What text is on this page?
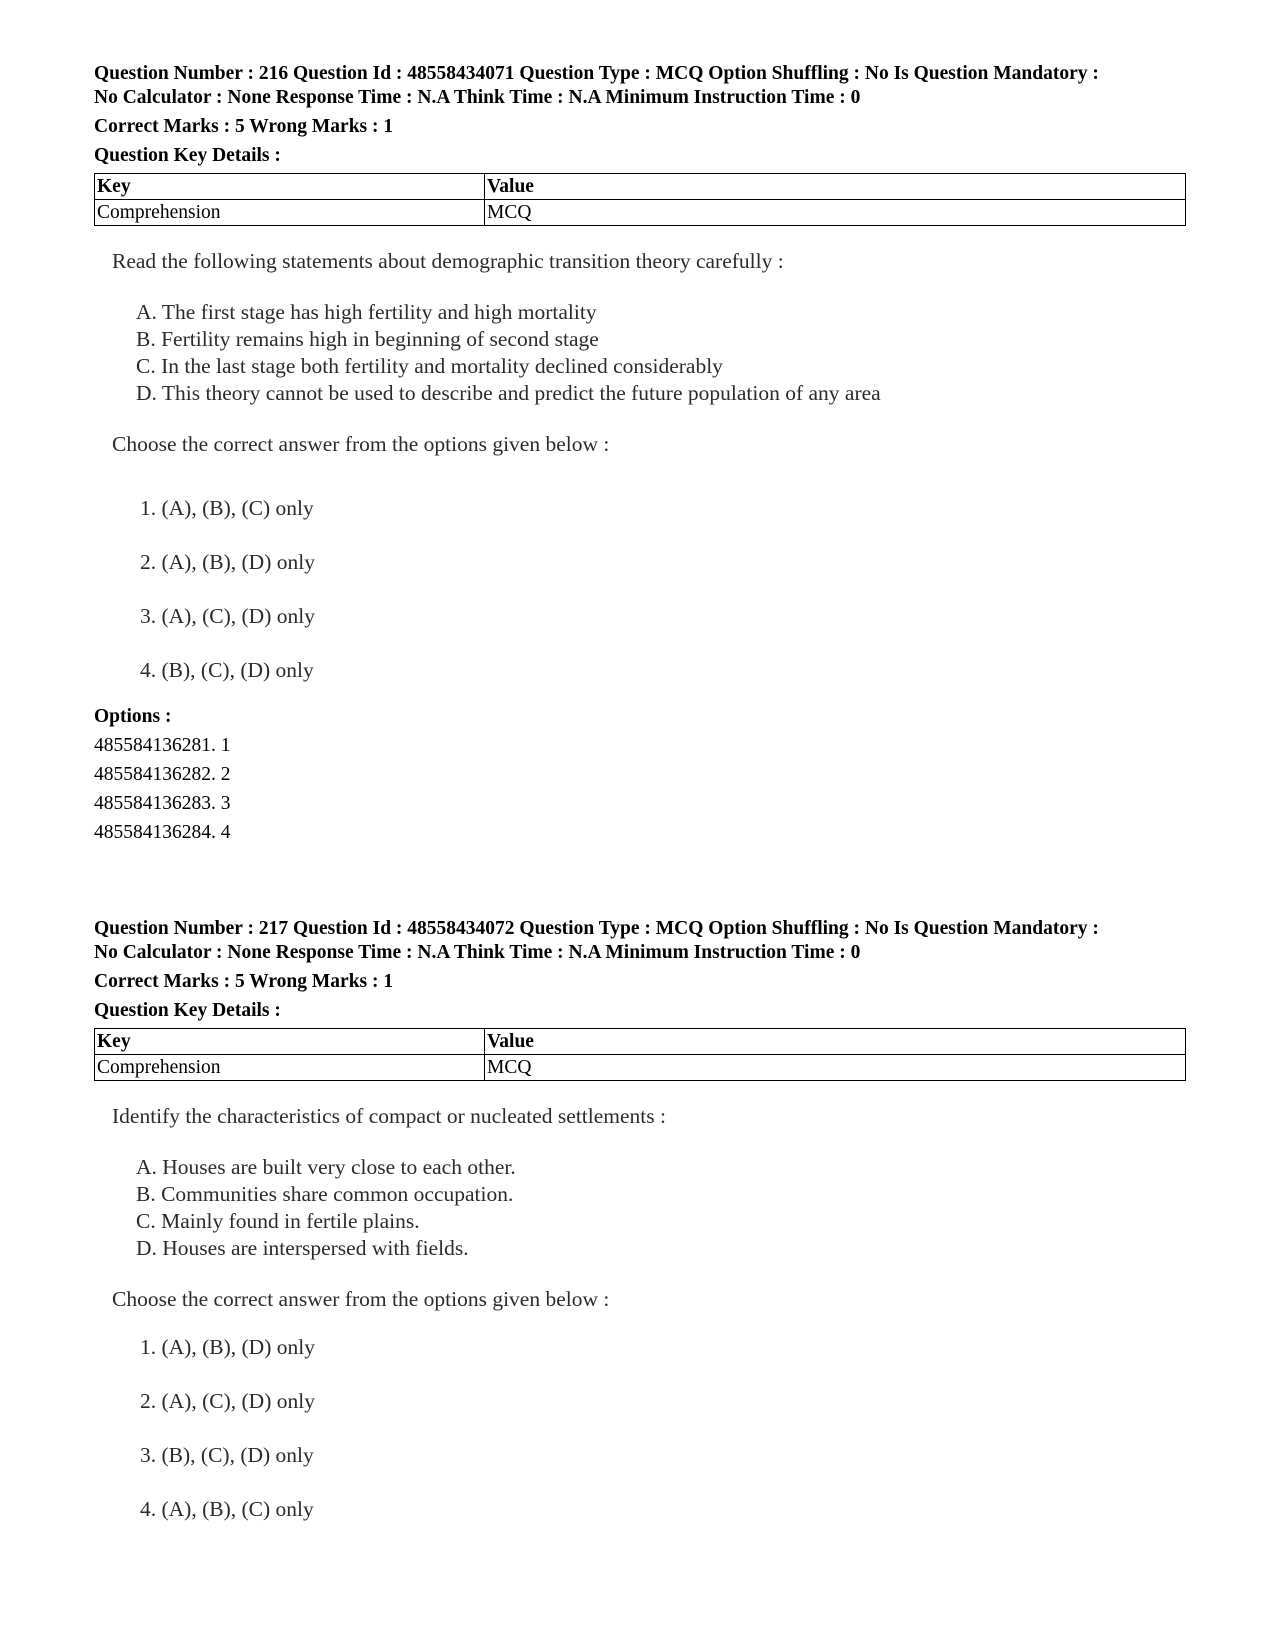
Question Number : 216 Question Id : 48558434071 Question Type : MCQ Option Shuffling : No Is Question Mandatory :
No Calculator : None Response Time : N.A Think Time : N.A Minimum Instruction Time : 0

Correct Marks : 5 Wrong Marks : 1

Question Key Details :

Key	Value
Comprehension	MCQ

Read the following statements about demographic transition theory carefully :

A. The first stage has high fertility and high mortality
B. Fertility remains high in beginning of second stage
C. In the last stage both fertility and mortality declined considerably
D. This theory cannot be used to describe and predict the future population of any area

Choose the correct answer from the options given below :

1. (A), (B), (C) only
2. (A), (B), (D) only
3. (A), (C), (D) only
4. (B), (C), (D) only

Options :

485584136281. 1
485584136282. 2
485584136283. 3
485584136284. 4

Question Number : 217 Question Id : 48558434072 Question Type : MCQ Option Shuffling : No Is Question Mandatory :
No Calculator : None Response Time : N.A Think Time : N.A Minimum Instruction Time : 0

Correct Marks : 5 Wrong Marks : 1

Question Key Details :

Key	Value
Comprehension	MCQ

Identify the characteristics of compact or nucleated settlements :

A. Houses are built very close to each other.
B. Communities share common occupation.
C. Mainly found in fertile plains.
D. Houses are interspersed with fields.

Choose the correct answer from the options given below :

1. (A), (B), (D) only
2. (A), (C), (D) only
3. (B), (C), (D) only
4. (A), (B), (C) only
